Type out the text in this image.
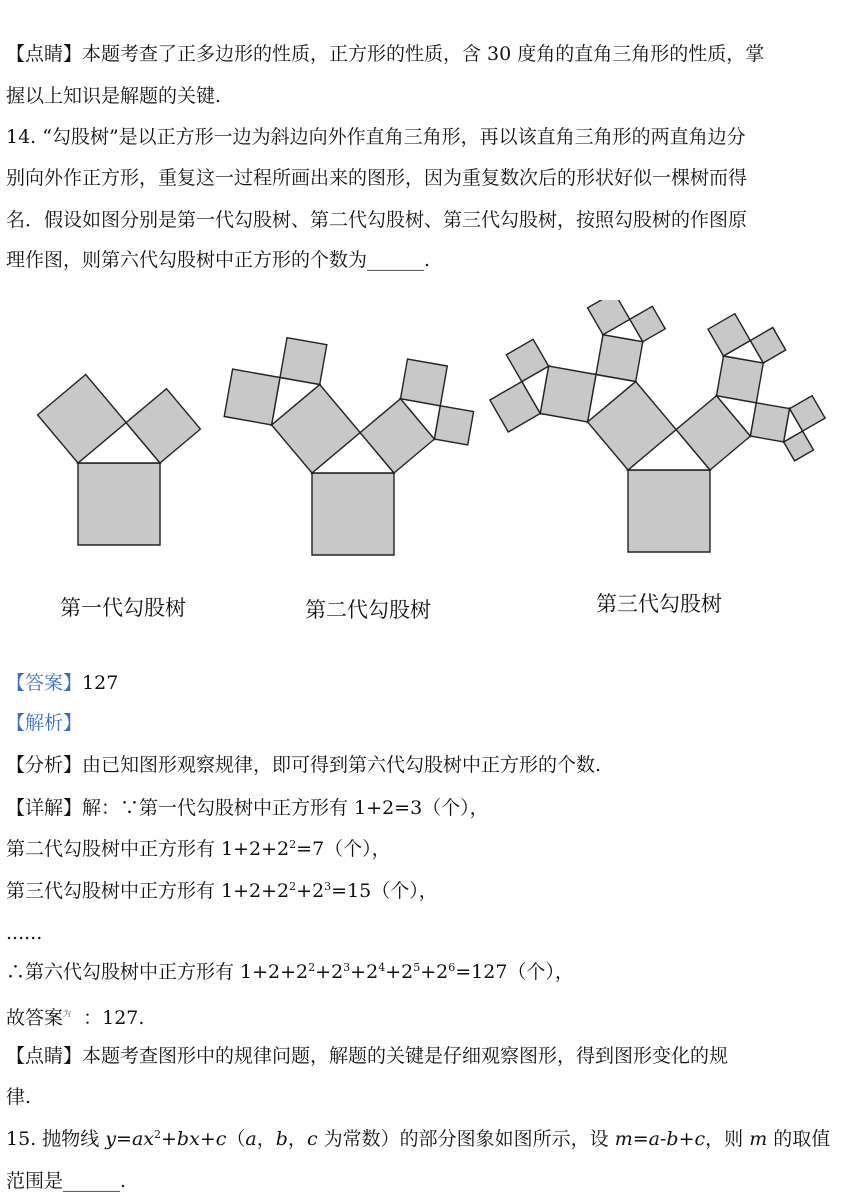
【点睛】本题考查了正多边形的性质，正方形的性质，含 30 度角的直角三角形的性质，掌
握以上知识是解题的关键.
14. “勾股树”是以正方形一边为斜边向外作直角三角形，再以该直角三角形的两直角边分
别向外作正方形，重复这一过程所画出来的图形，因为重复数次后的形状好似一棵树而得
名．假设如图分别是第一代勾股树、第二代勾股树、第三代勾股树，按照勾股树的作图原
理作图，则第六代勾股树中正方形的个数为______.
第一代勾股树	第二代勾股树	第三代勾股树
【答案】127
【解析】
【分析】由已知图形观察规律，即可得到第六代勾股树中正方形的个数.
【详解】解：∵第一代勾股树中正方形有 1+2=3（个），
第二代勾股树中正方形有 $1+2+2^2=7$（个），
第三代勾股树中正方形有 $1+2+2^2+2^3=15$（个），
......
∴第六代勾股树中正方形有 $1+2+2^2+2^3+2^4+2^5+2^6=127$（个），
故答案$^为$ ：127.
【点睛】本题考查图形中的规律问题，解题的关键是仔细观察图形，得到图形变化的规
律.
15. 抛物线 $y=ax^2+bx+c(a$，b，c 为常数）的部分图象如图所示，设 m=a-b+c，则 m 的取值
范围是______.
